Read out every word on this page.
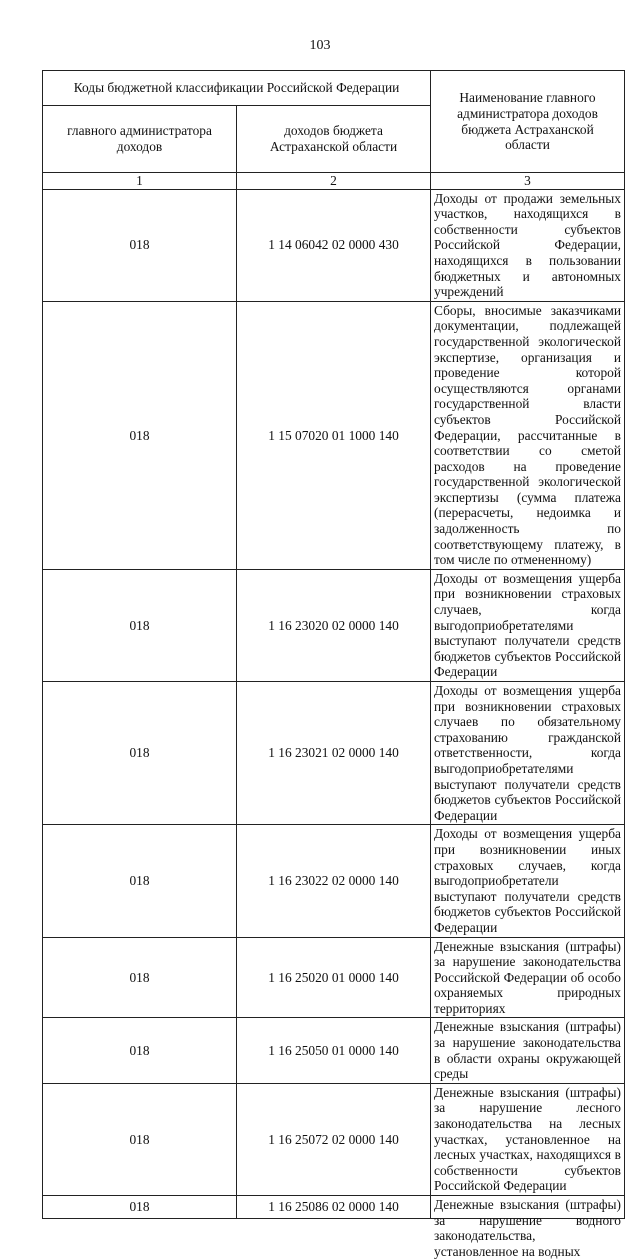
103
Коды бюджетной классификации Российской Федерации		Наименование главного администратора доходов бюджета Астраханской области
главного администратора доходов	доходов бюджета Астраханской области	
1	2	3
018	1 14 06042 02 0000 430	Доходы от продажи земельных участков, находящихся в собственности субъектов Российской Федерации, находящихся в пользовании бюджетных и автономных учреждений
018	1 15 07020 01 1000 140	Сборы, вносимые заказчиками документации, подлежащей государственной экологической экспертизе, организация и проведение которой осуществляются органами государственной власти субъектов Российской Федерации, рассчитанные в соответствии со сметой расходов на проведение государственной экологической экспертизы (сумма платежа (перерасчеты, недоимка и задолженность по соответствующему платежу, в том числе по отмененному)
018	1 16 23020 02 0000 140	Доходы от возмещения ущерба при возникновении страховых случаев, когда выгодоприобретателями выступают получатели средств бюджетов субъектов Российской Федерации
018	1 16 23021 02 0000 140	Доходы от возмещения ущерба при возникновении страховых случаев по обязательному страхованию гражданской ответственности, когда выгодоприобретателями выступают получатели средств бюджетов субъектов Российской Федерации
018	1 16 23022 02 0000 140	Доходы от возмещения ущерба при возникновении иных страховых случаев, когда выгодоприобретатели выступают получатели средств бюджетов субъектов Российской Федерации
018	1 16 25020 01 0000 140	Денежные взыскания (штрафы) за нарушение законодательства Российской Федерации об особо охраняемых природных территориях
018	1 16 25050 01 0000 140	Денежные взыскания (штрафы) за нарушение законодательства в области охраны окружающей среды
018	1 16 25072 02 0000 140	Денежные взыскания (штрафы) за нарушение лесного законодательства на лесных участках, установленное на лесных участках, находящихся в собственности субъектов Российской Федерации
018	1 16 25086 02 0000 140	Денежные взыскания (штрафы) за нарушение водного законодательства, установленное на водных
